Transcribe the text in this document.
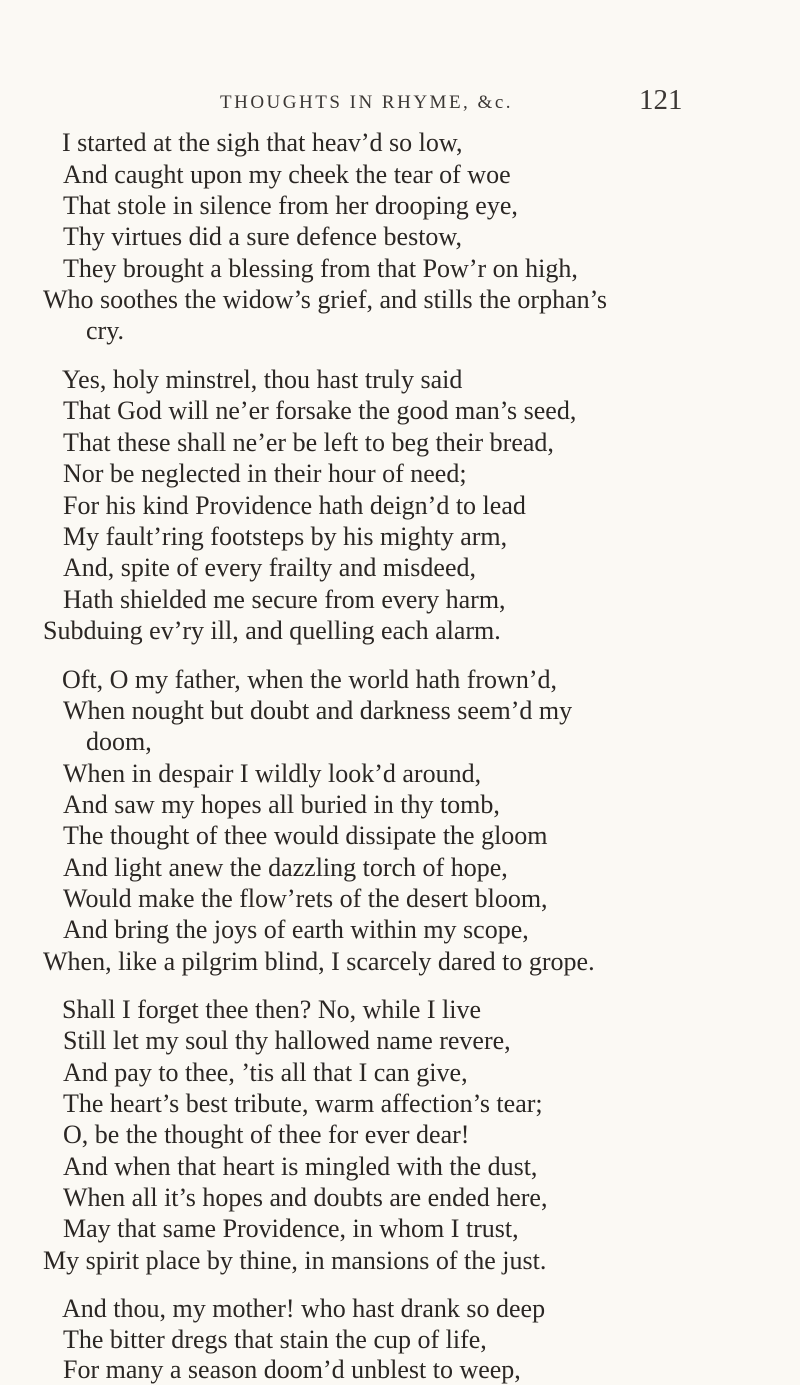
THOUGHTS IN RHYME, &c.	121
I started at the sigh that heav’d so low,
And caught upon my cheek the tear of woe
That stole in silence from her drooping eye,
Thy virtues did a sure defence bestow,
They brought a blessing from that Pow’r on high,
Who soothes the widow’s grief, and stills the orphan’s
cry.
Yes, holy minstrel, thou hast truly said
That God will ne’er forsake the good man’s seed,
That these shall ne’er be left to beg their bread,
Nor be neglected in their hour of need;
For his kind Providence hath deign’d to lead
My fault’ring footsteps by his mighty arm,
And, spite of every frailty and misdeed,
Hath shielded me secure from every harm,
Subduing ev’ry ill, and quelling each alarm.
Oft, O my father, when the world hath frown’d,
When nought but doubt and darkness seem’d my
doom,
When in despair I wildly look’d around,
And saw my hopes all buried in thy tomb,
The thought of thee would dissipate the gloom
And light anew the dazzling torch of hope,
Would make the flow’rets of the desert bloom,
And bring the joys of earth within my scope,
When, like a pilgrim blind, I scarcely dared to grope.
Shall I forget thee then? No, while I live
Still let my soul thy hallowed name revere,
And pay to thee, ’tis all that I can give,
The heart’s best tribute, warm affection’s tear;
O, be the thought of thee for ever dear!
And when that heart is mingled with the dust,
When all it’s hopes and doubts are ended here,
May that same Providence, in whom I trust,
My spirit place by thine, in mansions of the just.
And thou, my mother! who hast drank so deep
The bitter dregs that stain the cup of life,
For many a season doom’d unblest to weep,
